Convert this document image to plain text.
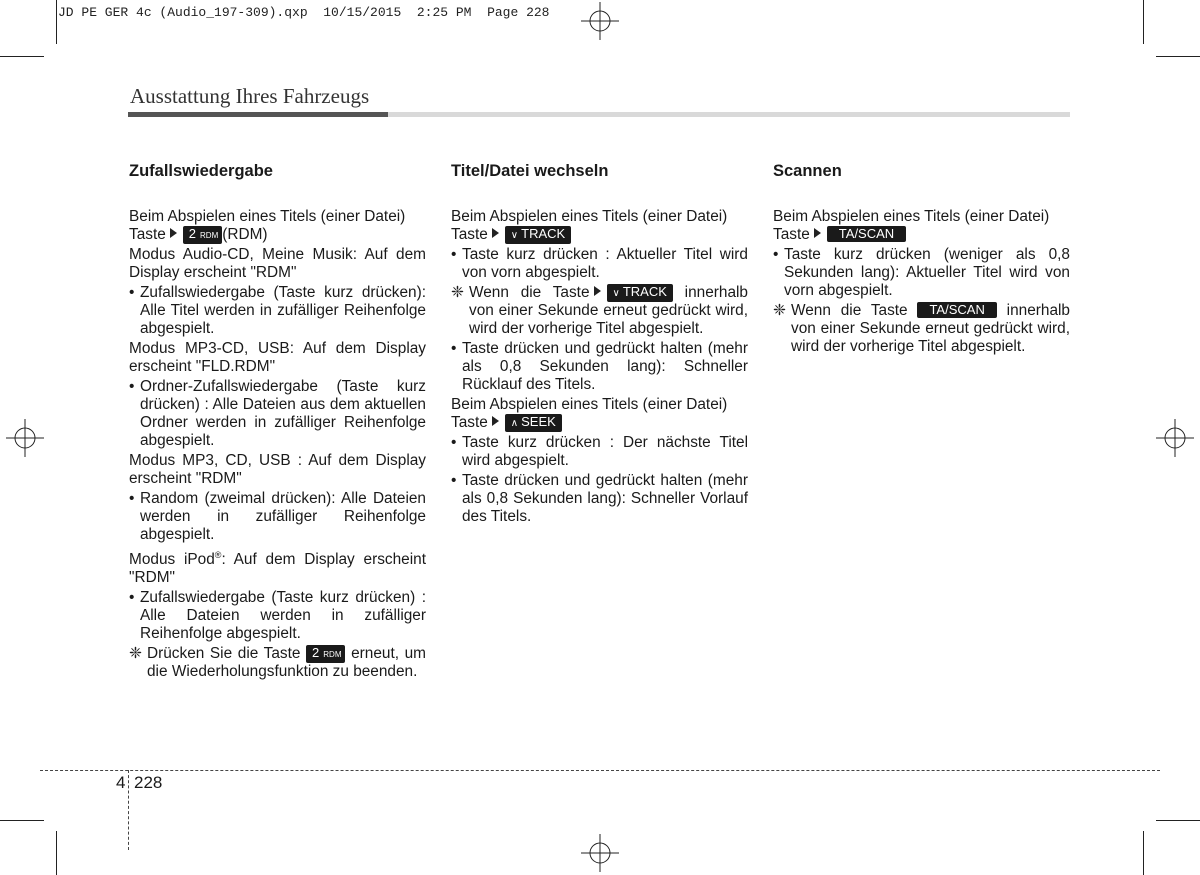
JD PE GER 4c (Audio_197-309).qxp  10/15/2015  2:25 PM  Page 228
Ausstattung Ihres Fahrzeugs
Zufallswiedergabe

Beim Abspielen eines Titels (einer Datei)
Taste 2 RDM (RDM)

Modus Audio-CD, Meine Musik: Auf dem Display erscheint "RDM"

• Zufallswiedergabe (Taste kurz drücken): Alle Titel werden in zufälliger Reihenfolge abgespielt.

Modus MP3-CD, USB: Auf dem Display erscheint "FLD.RDM"

• Ordner-Zufallswiedergabe (Taste kurz drücken) : Alle Dateien aus dem aktuellen Ordner werden in zufälliger Reihenfolge abgespielt.

Modus MP3, CD, USB : Auf dem Display erscheint "RDM"

• Random (zweimal drücken): Alle Dateien werden in zufälliger Reihenfolge abgespielt.

Modus iPod®: Auf dem Display erscheint "RDM"

• Zufallswiedergabe (Taste kurz drücken) : Alle Dateien werden in zufälliger Reihenfolge abgespielt.

❈ Drücken Sie die Taste 2 RDM erneut, um die Wiederholungsfunktion zu beenden.

Titel/Datei wechseln

Beim Abspielen eines Titels (einer Datei)
Taste ∨ TRACK

• Taste kurz drücken : Aktueller Titel wird von vorn abgespielt.

❈ Wenn die Taste ∨ TRACK innerhalb von einer Sekunde erneut gedrückt wird, wird der vorherige Titel abgespielt.

• Taste drücken und gedrückt halten (mehr als 0,8 Sekunden lang): Schneller Rücklauf des Titels.

Beim Abspielen eines Titels (einer Datei)
Taste ∧ SEEK

• Taste kurz drücken : Der nächste Titel wird abgespielt.

• Taste drücken und gedrückt halten (mehr als 0,8 Sekunden lang): Schneller Vorlauf des Titels.

Scannen

Beim Abspielen eines Titels (einer Datei)
Taste TA/SCAN

• Taste kurz drücken (weniger als 0,8 Sekunden lang): Aktueller Titel wird von vorn abgespielt.

❈ Wenn die Taste TA/SCAN innerhalb von einer Sekunde erneut gedrückt wird, wird der vorherige Titel abgespielt.

4 228
